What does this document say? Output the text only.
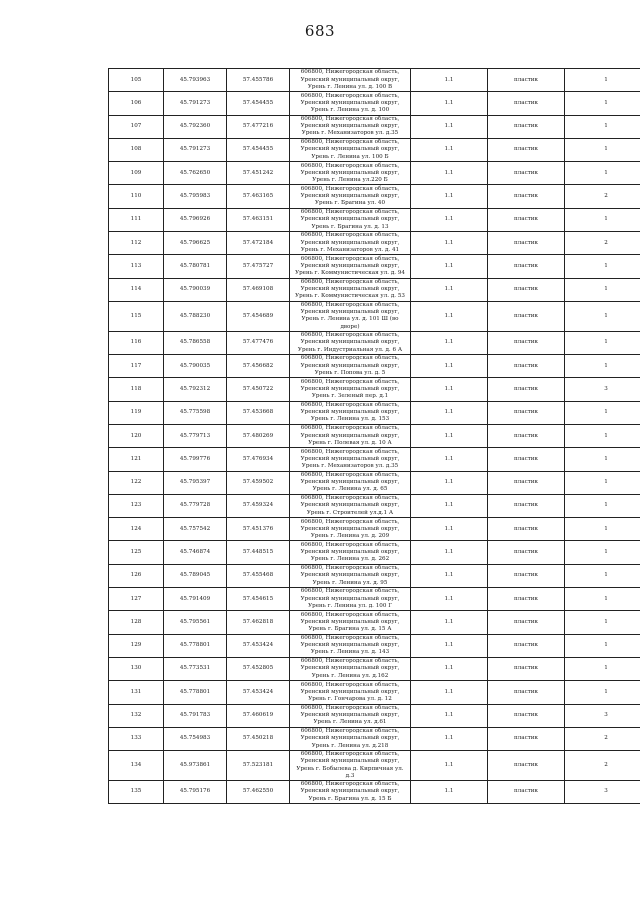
683
105	45.793963	57.455786	606800, Нижегородская область, Уренский муниципальный округ, Урень г. Ленина ул. д. 100 В	1.1	пластик	1
106	45.791273	57.454455	606800, Нижегородская область, Уренский муниципальный округ, Урень г. Ленина ул. д. 100	1.1	пластик	1
107	45.792360	57.477216	606800, Нижегородская область, Уренский муниципальный округ, Урень г. Механизаторов ул. д.35	1.1	пластик	1
108	45.791273	57.454455	606800, Нижегородская область, Уренский муниципальный округ, Урень г. Ленина ул. 100 Б	1.1	пластик	1
109	45.762650	57.451242	606800, Нижегородская область, Уренский муниципальный округ, Урень г. Ленина ул.220 Б	1.1	пластик	1
110	45.795983	57.463165	606800, Нижегородская область, Уренский муниципальный округ, Урень г. Брагина ул. 40	1.1	пластик	2
111	45.796926	57.463151	606800, Нижегородская область, Уренский муниципальный округ, Урень г. Брагина ул. д. 13	1.1	пластик	1
112	45.796625	57.472184	606800, Нижегородская область, Уренский муниципальный округ, Урень г. Механизаторов ул. д. 41	1.1	пластик	2
113	45.780781	57.475727	606800, Нижегородская область, Уренский муниципальный округ, Урень г. Коммунистическая ул. д. 94	1.1	пластик	1
114	45.790039	57.469108	606800, Нижегородская область, Уренский муниципальный округ, Урень г. Коммунистическая ул. д. 53	1.1	пластик	1
115	45.788230	57.454689	606800, Нижегородская область, Уренский муниципальный округ, Урень г. Ленина ул. д. 101 Ш (во дворе)	1.1	пластик	1
116	45.786558	57.477476	606800, Нижегородская область, Уренский муниципальный округ, Урень г. Индустриальная ул. д. 6 А	1.1	пластик	1
117	45.790035	57.456682	606800, Нижегородская область, Уренский муниципальный округ, Урень г. Попова ул. д. 5	1.1	пластик	1
118	45.792312	57.450722	606800, Нижегородская область, Уренский муниципальный округ, Урень г. Зеленый пер. д.1	1.1	пластик	3
119	45.775598	57.453668	606800, Нижегородская область, Уренский муниципальный округ, Урень г. Ленина ул. д. 153	1.1	пластик	1
120	45.779713	57.480269	606800, Нижегородская область, Уренский муниципальный округ, Урень г. Полевая ул. д. 10 А	1.1	пластик	1
121	45.799776	57.476934	606800, Нижегородская область, Уренский муниципальный округ, Урень г. Механизаторов ул. д.35	1.1	пластик	1
122	45.795397	57.459502	606800, Нижегородская область, Уренский муниципальный округ, Урень г. Ленина ул. д. 65	1.1	пластик	1
123	45.779728	57.459324	606800, Нижегородская область, Уренский муниципальный округ, Урень г. Строителей ул.д.1 А	1.1	пластик	1
124	45.757542	57.451376	606800, Нижегородская область, Уренский муниципальный округ, Урень г. Ленина ул. д. 209	1.1	пластик	1
125	45.746874	57.448515	606800, Нижегородская область, Уренский муниципальный округ, Урень г. Ленина ул. д. 262	1.1	пластик	1
126	45.789045	57.455468	606800, Нижегородская область, Уренский муниципальный округ, Урень г. Ленина ул. д. 95	1.1	пластик	1
127	45.791409	57.454615	606800, Нижегородская область, Уренский муниципальный округ, Урень г. Ленина ул. д. 100 Г	1.1	пластик	1
128	45.795561	57.462818	606800, Нижегородская область, Уренский муниципальный округ, Урень г. Брагина ул. д. 15 А	1.1	пластик	1
129	45.778801	57.453424	606800, Нижегородская область, Уренский муниципальный округ, Урень г. Ленина ул. д. 143	1.1	пластик	1
130	45.773531	57.452805	606800, Нижегородская область, Уренский муниципальный округ, Урень г. Ленина ул. д.162	1.1	пластик	1
131	45.778801	57.453424	606800, Нижегородская область, Уренский муниципальный округ, Урень г. Гончарова ул. д. 12	1.1	пластик	1
132	45.791783	57.460619	606800, Нижегородская область, Уренский муниципальный округ, Урень г. Ленина ул. д.61	1.1	пластик	3
133	45.754983	57.450218	606800, Нижегородская область, Уренский муниципальный округ, Урень г. Ленина ул. д.218	1.1	пластик	2
134	45.973861	57.523181	606800, Нижегородская область, Уренский муниципальный округ, Урень г. Бобылева д. Кирпичная ул. д.3	1.1	пластик	2
135	45.795176	57.462550	606800, Нижегородская область, Уренский муниципальный округ, Урень г. Брагина ул. д. 15 Б	1.1	пластик	3
